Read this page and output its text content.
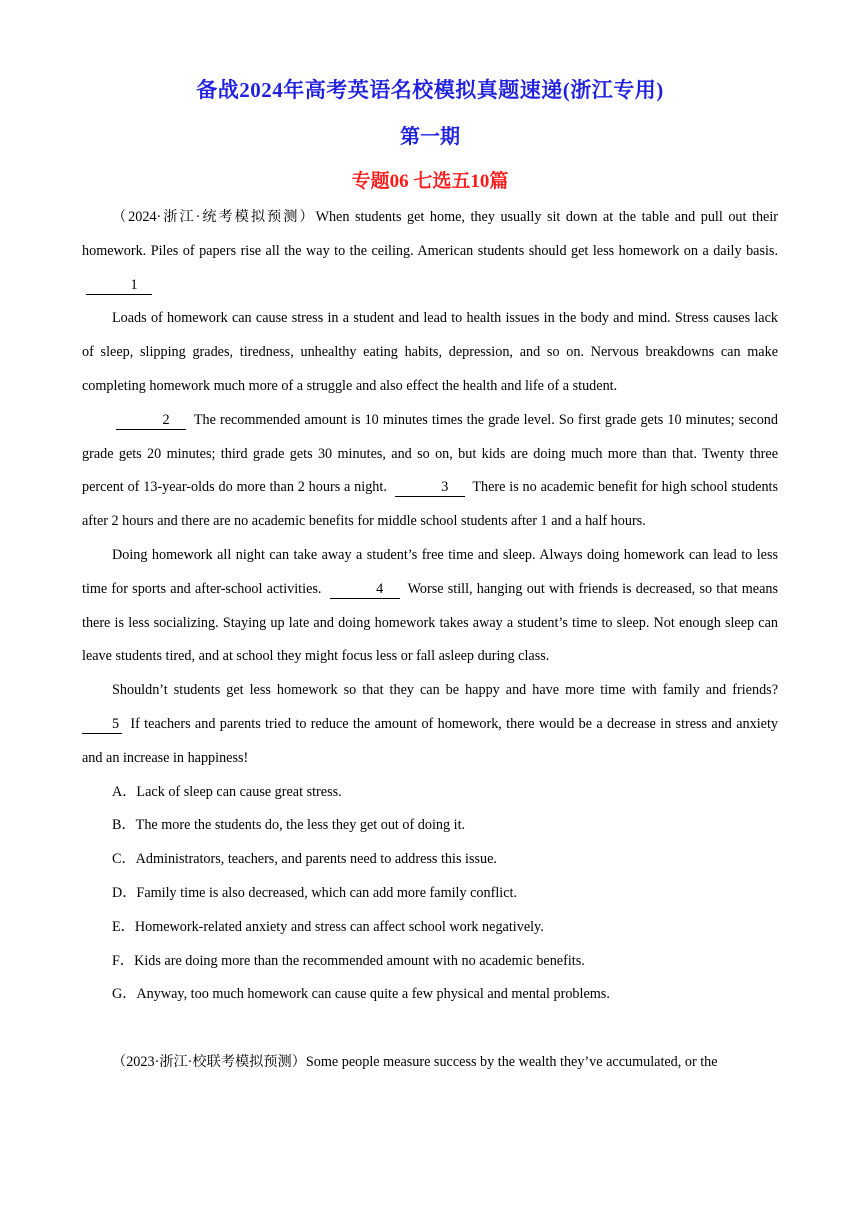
备战2024年高考英语名校模拟真题速递(浙江专用)
第一期
专题06 七选五10篇

（2024·浙江·统考模拟预测）When students get home, they usually sit down at the table and pull out their homework. Piles of papers rise all the way to the ceiling. American students should get less homework on a daily basis. 1

Loads of homework can cause stress in a student and lead to health issues in the body and mind. Stress causes lack of sleep, slipping grades, tiredness, unhealthy eating habits, depression, and so on. Nervous breakdowns can make completing homework much more of a struggle and also effect the health and life of a student.

2 The recommended amount is 10 minutes times the grade level. So first grade gets 10 minutes; second grade gets 20 minutes; third grade gets 30 minutes, and so on, but kids are doing much more than that. Twenty three percent of 13-year-olds do more than 2 hours a night.	3 There is no academic benefit for high school students after 2 hours and there are no academic benefits for middle school students after 1 and a half hours.

Doing homework all night can take away a student’s free time and sleep. Always doing homework can lead to less time for sports and after-school activities.	4 Worse still, hanging out with friends is decreased, so that means there is less socializing. Staying up late and doing homework takes away a student’s time to sleep. Not enough sleep can leave students tired, and at school they might focus less or fall asleep during class.

Shouldn’t students get less homework so that they can be happy and have more time with family and friends? 5 If teachers and parents tried to reduce the amount of homework, there would be a decrease in stress and anxiety and an increase in happiness!

A．Lack of sleep can cause great stress.

B．The more the students do, the less they get out of doing it.

C．Administrators, teachers, and parents need to address this issue.

D．Family time is also decreased, which can add more family conflict.

E．Homework-related anxiety and stress can affect school work negatively.

F．Kids are doing more than the recommended amount with no academic benefits.

G．Anyway, too much homework can cause quite a few physical and mental problems.

（2023·浙江·校联考模拟预测）Some people measure success by the wealth they’ve accumulated, or the
